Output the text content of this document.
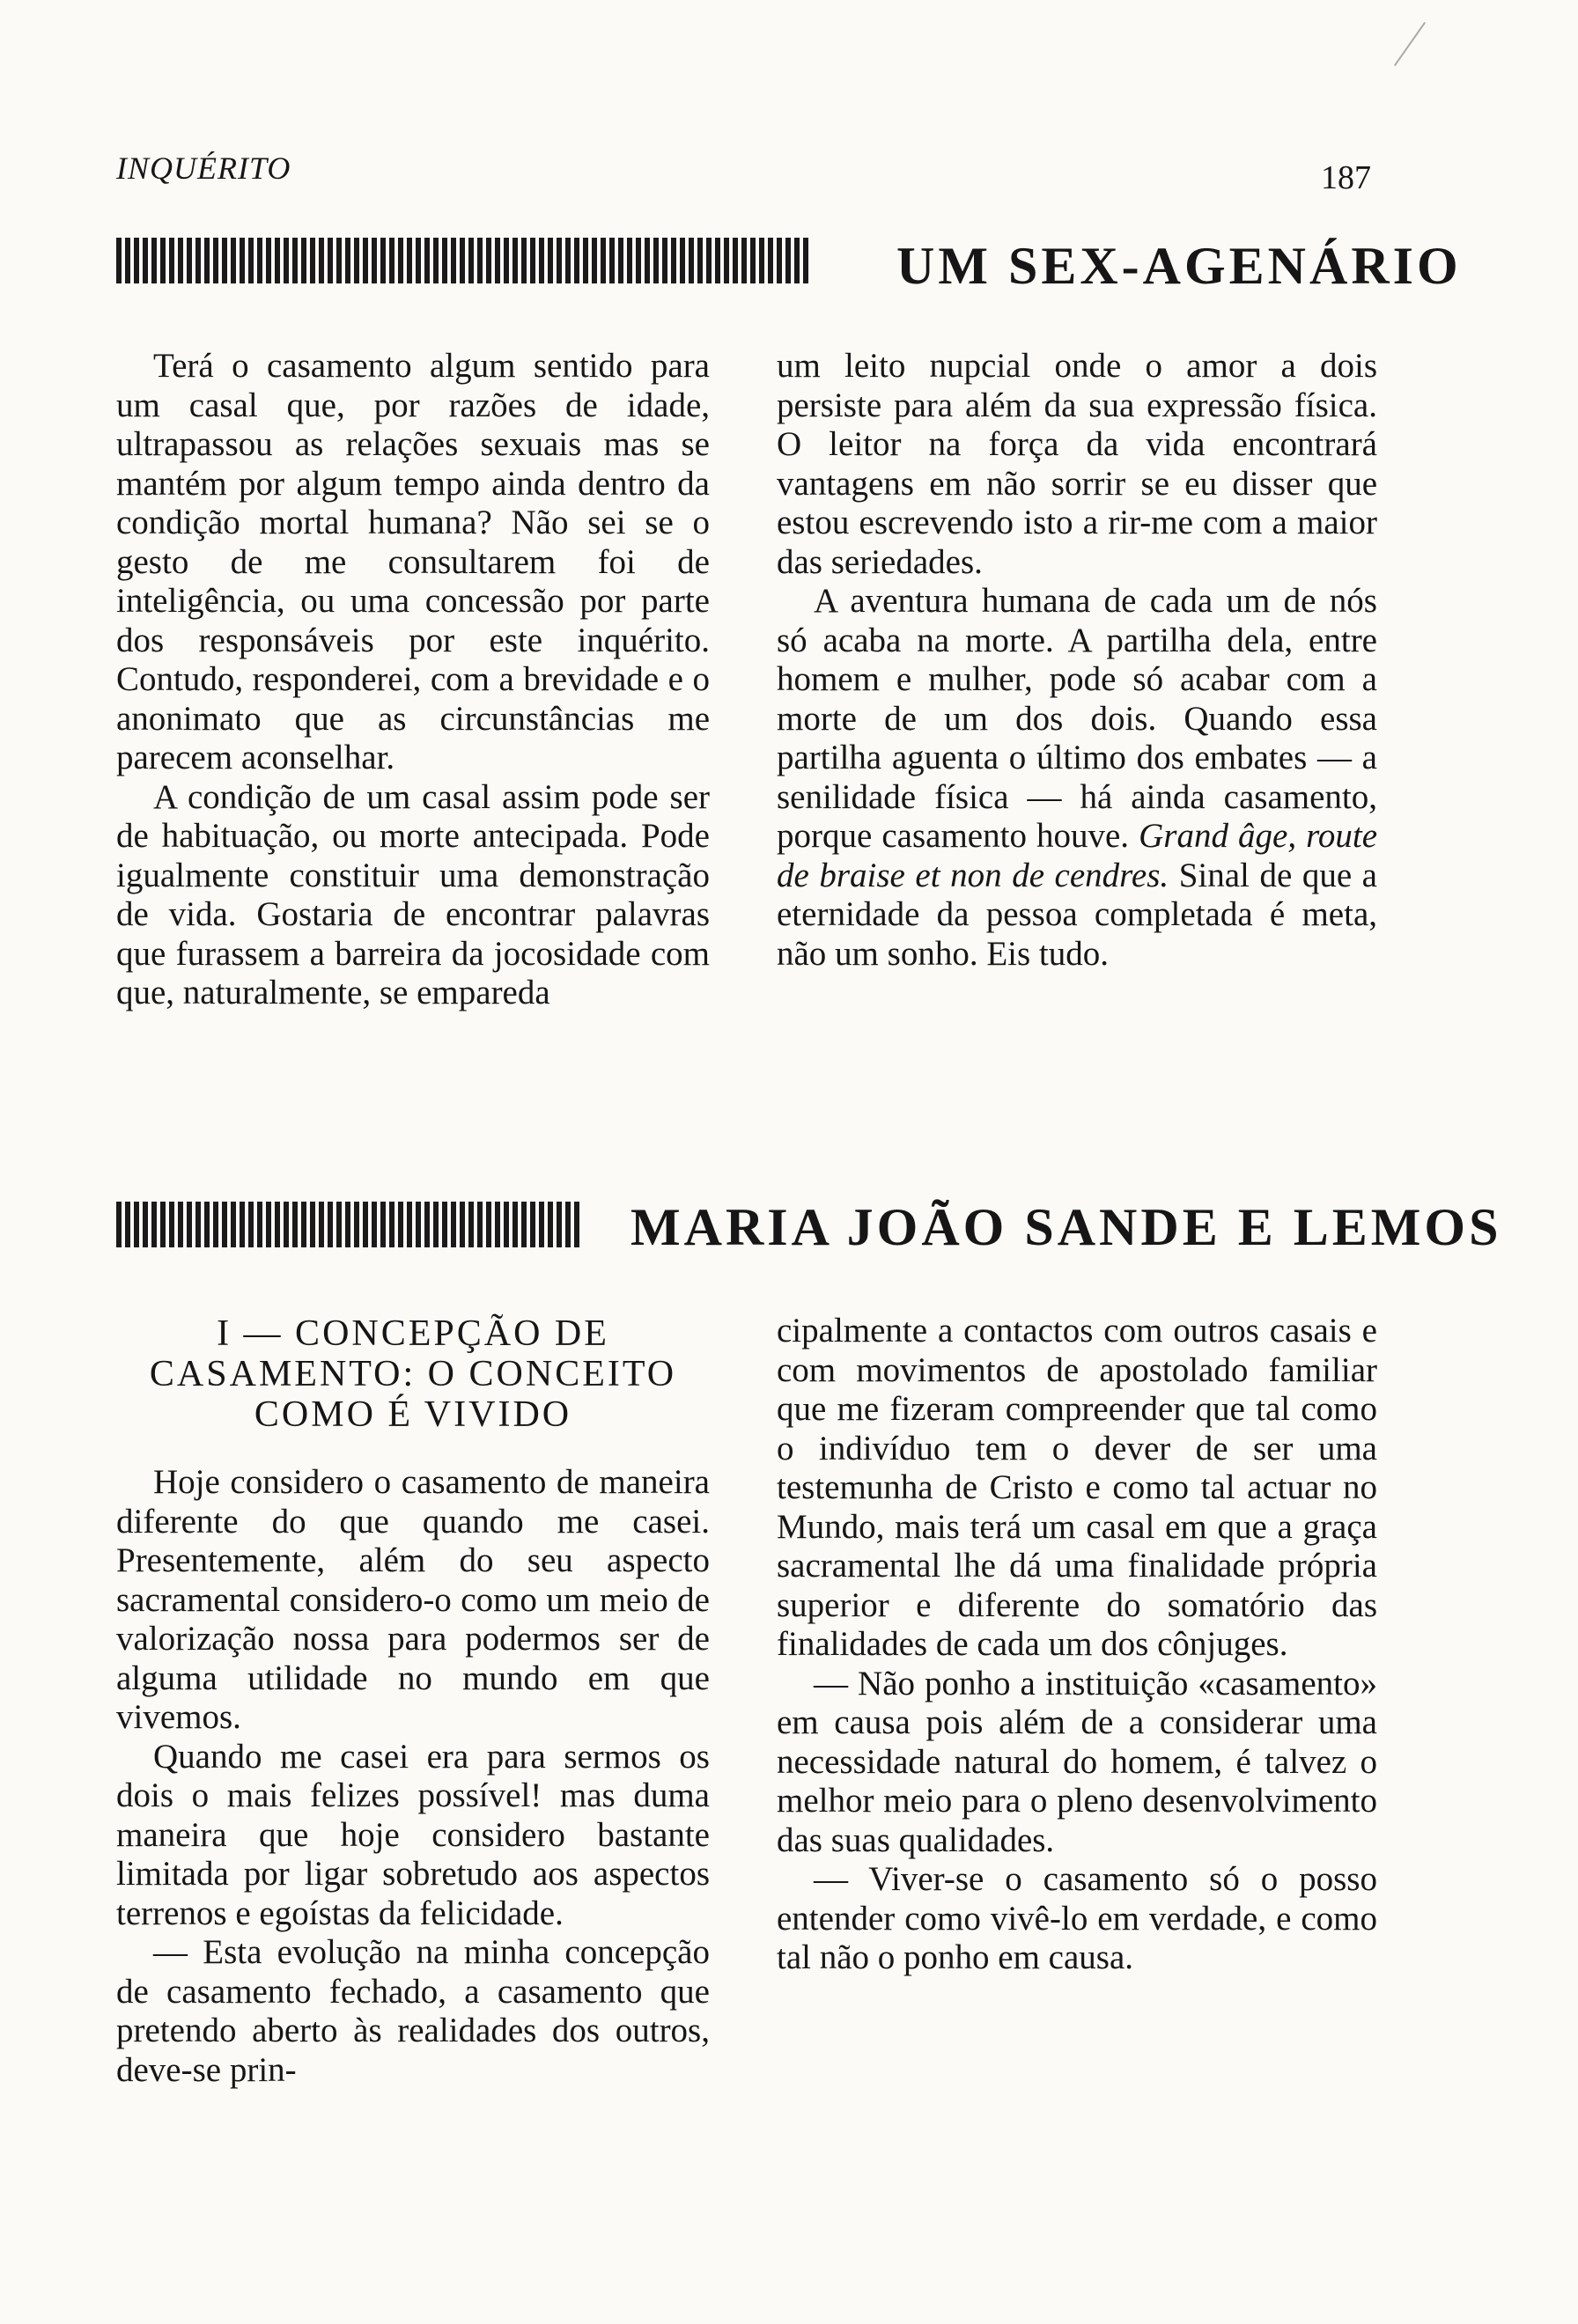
INQUÉRITO	187
UM SEX-AGENÁRIO

Terá o casamento algum sentido para um casal que, por razões de idade, ultrapassou as relações sexuais mas se mantém por algum tempo ainda dentro da condição mortal humana? Não sei se o gesto de me consultarem foi de inteligência, ou uma concessão por parte dos responsáveis por este inquérito. Contudo, responderei, com a brevidade e o anonimato que as circunstâncias me parecem aconselhar.

A condição de um casal assim pode ser de habituação, ou morte antecipada. Pode igualmente constituir uma demonstração de vida. Gostaria de encontrar palavras que furassem a barreira da jocosidade com que, naturalmente, se empareda

um leito nupcial onde o amor a dois persiste para além da sua expressão física. O leitor na força da vida encontrará vantagens em não sorrir se eu disser que estou escrevendo isto a rir-me com a maior das seriedades.

A aventura humana de cada um de nós só acaba na morte. A partilha dela, entre homem e mulher, pode só acabar com a morte de um dos dois. Quando essa partilha aguenta o último dos embates — a senilidade física — há ainda casamento, porque casamento houve. Grand âge, route de braise et non de cendres. Sinal de que a eternidade da pessoa completada é meta, não um sonho. Eis tudo.

MARIA JOÃO SANDE E LEMOS
I — CONCEPÇÃO DE CASAMENTO: O CONCEITO COMO É VIVIDO

Hoje considero o casamento de maneira diferente do que quando me casei. Presentemente, além do seu aspecto sacramental considero-o como um meio de valorização nossa para podermos ser de alguma utilidade no mundo em que vivemos.

Quando me casei era para sermos os dois o mais felizes possível! mas duma maneira que hoje considero bastante limitada por ligar sobretudo aos aspectos terrenos e egoístas da felicidade.

— Esta evolução na minha concepção de casamento fechado, a casamento que pretendo aberto às realidades dos outros, deve-se prin-

cipalmente a contactos com outros casais e com movimentos de apostolado familiar que me fizeram compreender que tal como o indivíduo tem o dever de ser uma testemunha de Cristo e como tal actuar no Mundo, mais terá um casal em que a graça sacramental lhe dá uma finalidade própria superior e diferente do somatório das finalidades de cada um dos cônjuges.

— Não ponho a instituição «casamento» em causa pois além de a considerar uma necessidade natural do homem, é talvez o melhor meio para o pleno desenvolvimento das suas qualidades.

— Viver-se o casamento só o posso entender como vivê-lo em verdade, e como tal não o ponho em causa.
